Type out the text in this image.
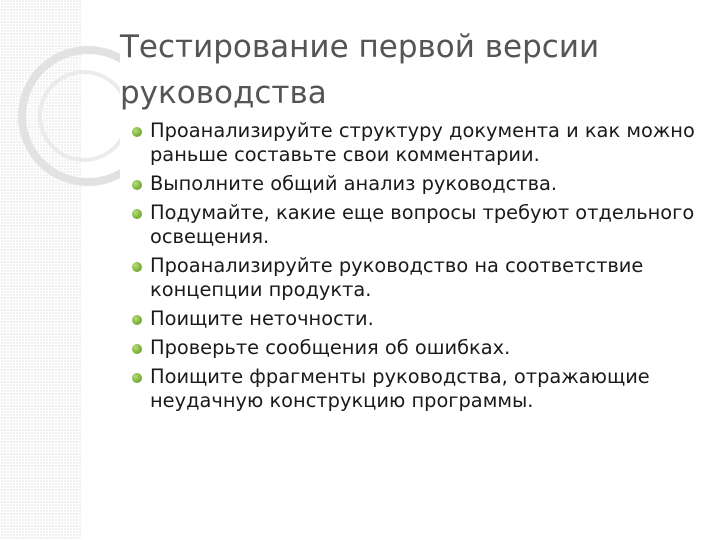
Тестирование первой версии руководства
Проанализируйте структуру документа и как можно раньше составьте свои комментарии.
Выполните общий анализ руководства.
Подумайте, какие еще вопросы требуют отдельного освещения.
Проанализируйте руководство на соответствие концепции продукта.
Поищите неточности.
Проверьте сообщения об ошибках.
Поищите фрагменты руководства, отражающие неудачную конструкцию программы.
